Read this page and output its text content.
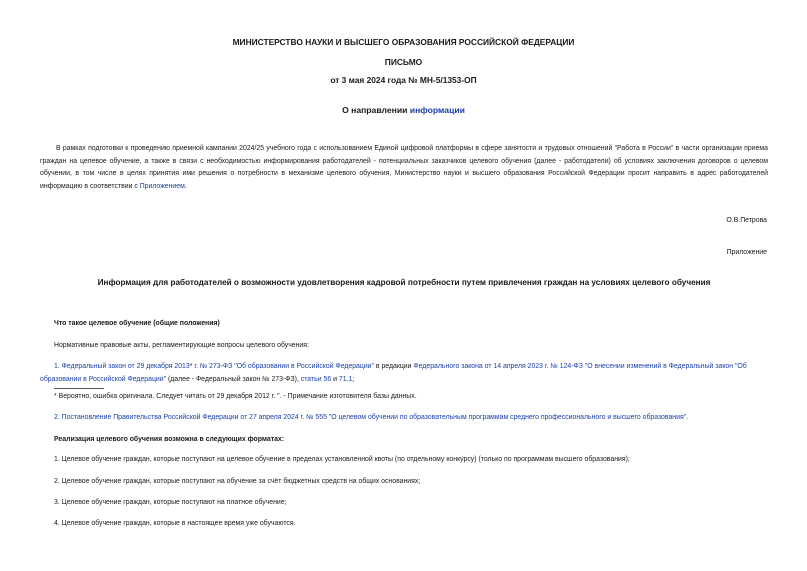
МИНИСТЕРСТВО НАУКИ И ВЫСШЕГО ОБРАЗОВАНИЯ РОССИЙСКОЙ ФЕДЕРАЦИИ
ПИСЬМО
от 3 мая 2024 года № МН-5/1353-ОП
О направлении информации
В рамках подготовки к проведению приемной кампании 2024/25 учебного года с использованием Единой цифровой платформы в сфере занятости и трудовых отношений "Работа в России" в части организации приема граждан на целевое обучение, а также в связи с необходимостью информирования работодателей - потенциальных заказчиков целевого обучения (далее - работодатели) об условиях заключения договоров о целевом обучении, в том числе в целях принятия ими решения о потребности в механизме целевого обучения, Министерство науки и высшего образования Российской Федерации просит направить в адрес работодателей информацию в соответствии с Приложением.
О.В.Петрова
Приложение
Информация для работодателей о возможности удовлетворения кадровой потребности путем привлечения граждан на условиях целевого обучения
Что такое целевое обучение (общие положения)
Нормативные правовые акты, регламентирующие вопросы целевого обучения:
1. Федеральный закон от 29 декабря 2013* г. № 273-ФЗ "Об образовании в Российской Федерации" в редакции Федерального закона от 14 апреля 2023 г. № 124-ФЗ "О внесении изменений в Федеральный закон "Об образовании в Российской Федерации" (далее - Федеральный закон № 273-ФЗ), статьи 56 и 71.1;
* Вероятно, ошибка оригинала. Следует читать от 29 декабря 2012 г. ". - Примечание изготовителя базы данных.
2. Постановление Правительства Российской Федерации от 27 апреля 2024 г. № 555 "О целевом обучении по образовательным программам среднего профессионального и высшего образования".
Реализация целевого обучения возможна в следующих форматах:
1. Целевое обучение граждан, которые поступают на целевое обучение в пределах установленной квоты (по отдельному конкурсу) (только по программам высшего образования);
2. Целевое обучение граждан, которые поступают на обучение за счёт бюджетных средств на общих основаниях;
3. Целевое обучение граждан, которые поступают на платное обучение;
4. Целевое обучение граждан, которые в настоящее время уже обучаются.
